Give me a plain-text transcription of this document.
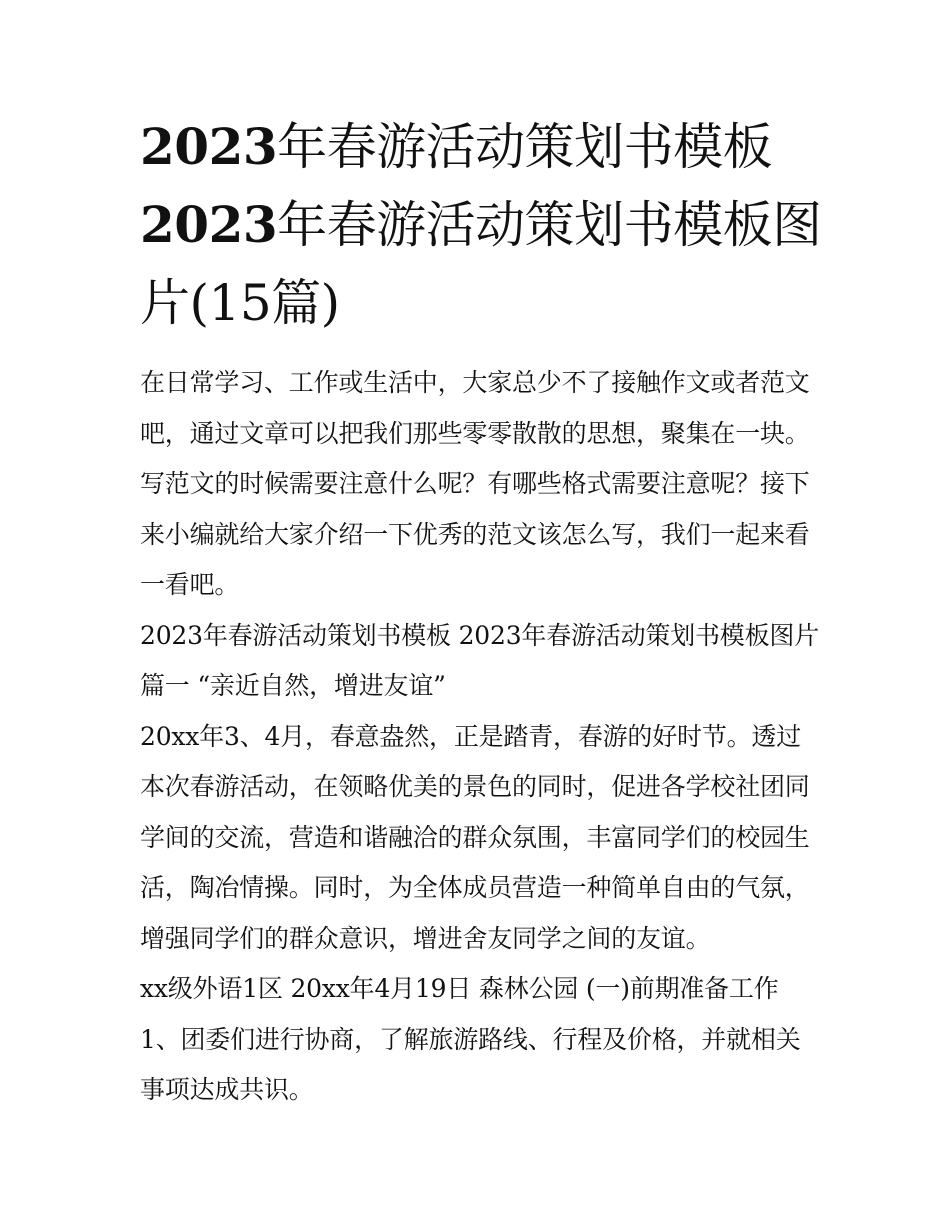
2023年春游活动策划书模板
2023年春游活动策划书模板图
片(15篇)

在日常学习、工作或生活中，大家总少不了接触作文或者范文吧，通过文章可以把我们那些零零散散的思想，聚集在一块。写范文的时候需要注意什么呢？有哪些格式需要注意呢？接下来小编就给大家介绍一下优秀的范文该怎么写，我们一起来看一看吧。

2023年春游活动策划书模板 2023年春游活动策划书模板图片

篇一 “亲近自然，增进友谊”

20xx年3、4月，春意盎然，正是踏青，春游的好时节。透过本次春游活动，在领略优美的景色的同时，促进各学校社团同学间的交流，营造和谐融洽的群众氛围，丰富同学们的校园生活，陶冶情操。同时，为全体成员营造一种简单自由的气氛，增强同学们的群众意识，增进舍友同学之间的友谊。

xx级外语1区 20xx年4月19日 森林公园 (一)前期准备工作

1、团委们进行协商，了解旅游路线、行程及价格，并就相关事项达成共识。
